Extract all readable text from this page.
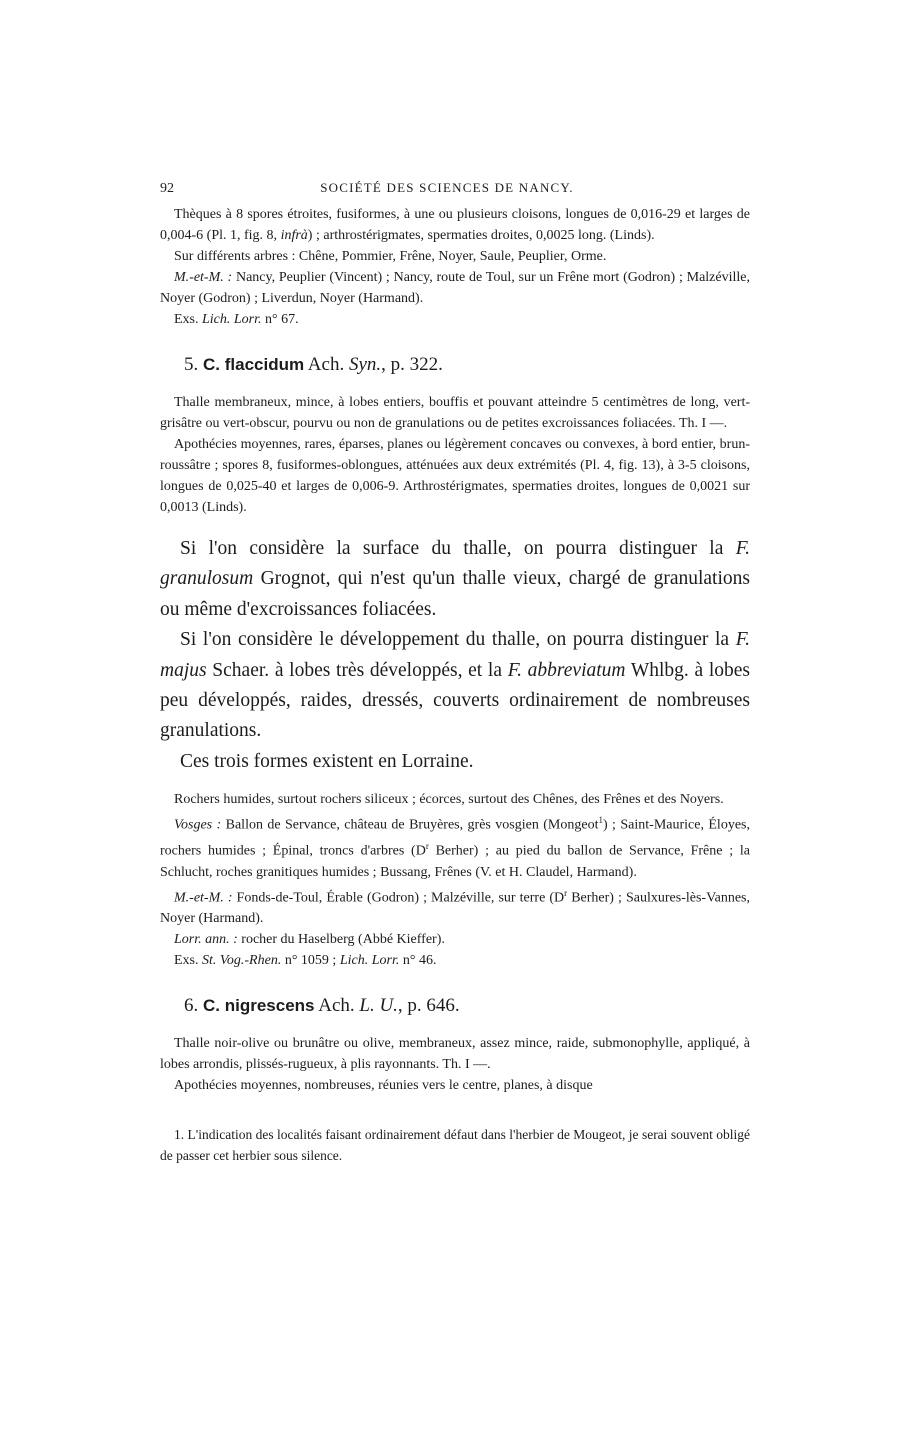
92	SOCIÉTÉ DES SCIENCES DE NANCY.

Thèques à 8 spores étroites, fusiformes, à une ou plusieurs cloisons, longues de 0,016-29 et larges de 0,004-6 (Pl. 1, fig. 8, infrà) ; arthrostérigmates, spermaties droites, 0,0025 long. (Linds).

Sur différents arbres : Chêne, Pommier, Frêne, Noyer, Saule, Peuplier, Orme.

M.-et-M. : Nancy, Peuplier (Vincent) ; Nancy, route de Toul, sur un Frêne mort (Godron) ; Malzéville, Noyer (Godron) ; Liverdun, Noyer (Harmand).

Exs. Lich. Lorr. n° 67.

5. C. flaccidum Ach. Syn., p. 322.

Thalle membraneux, mince, à lobes entiers, bouffis et pouvant atteindre 5 centimètres de long, vert-grisâtre ou vert-obscur, pourvu ou non de granulations ou de petites excroissances foliacées. Th. I —.

Apothécies moyennes, rares, éparses, planes ou légèrement concaves ou convexes, à bord entier, brun-roussâtre ; spores 8, fusiformes-oblongues, atténuées aux deux extrémités (Pl. 4, fig. 13), à 3-5 cloisons, longues de 0,025-40 et larges de 0,006-9. Arthrostérigmates, spermaties droites, longues de 0,0021 sur 0,0013 (Linds).

Si l'on considère la surface du thalle, on pourra distinguer la F. granulosum Grognot, qui n'est qu'un thalle vieux, chargé de granulations ou même d'excroissances foliacées.

Si l'on considère le développement du thalle, on pourra distinguer la F. majus Schaer. à lobes très développés, et la F. abbreviatum Whlbg. à lobes peu développés, raides, dressés, couverts ordinairement de nombreuses granulations.

Ces trois formes existent en Lorraine.

Rochers humides, surtout rochers siliceux ; écorces, surtout des Chênes, des Frênes et des Noyers.

Vosges : Ballon de Servance, château de Bruyères, grès vosgien (Mongeot$^1$) ; Saint-Maurice, Éloyes, rochers humides ; Épinal, troncs d'arbres ($D^r$ Berher) ; au pied du ballon de Servance, Frêne ; la Schlucht, roches granitiques humides ; Bussang, Frênes (V. et H. Claudel, Harmand).

M.-et-M. : Fonds-de-Toul, Érable (Godron) ; Malzéville, sur terre ($D^r$ Berher) ; Saulxures-lès-Vannes, Noyer (Harmand).

Lorr. ann. : rocher du Haselberg (Abbé Kieffer).

Exs. St. Vog.-Rhen. n° 1059 ; Lich. Lorr. n° 46.

6. C. nigrescens Ach. L. U., p. 646.

Thalle noir-olive ou brunâtre ou olive, membraneux, assez mince, raide, submonophylle, appliqué, à lobes arrondis, plissés-rugueux, à plis rayonnants. Th. I —.

Apothécies moyennes, nombreuses, réunies vers le centre, planes, à disque

1. L'indication des localités faisant ordinairement défaut dans l'herbier de Mougeot, je serai souvent obligé de passer cet herbier sous silence.
